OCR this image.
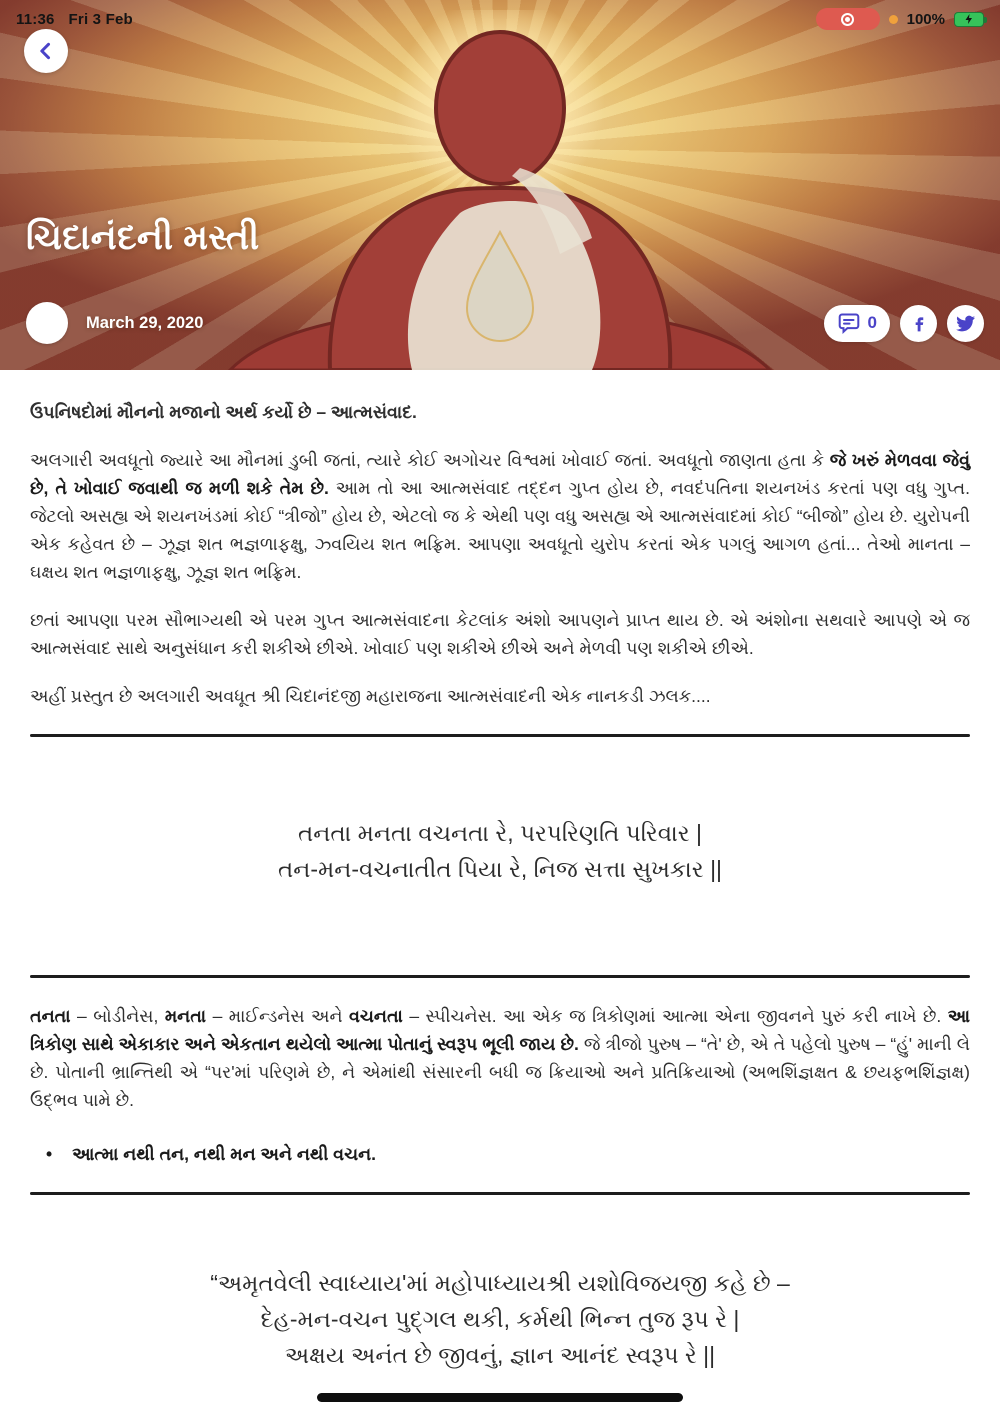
11:36 Fri 3 Feb	100%
ચિદાનંદની મસ્તી
March 29, 2020	0

ઉપનિષદોમાં મૌનનો મજાનો અર્થ કર્યો છે – આત્મસંવાદ.

અલગારી અવધૂતો જ્યારે આ મૌનમાં ડુબી જતાં, ત્યારે કોઈ અગોચર વિશ્વમાં ખોવાઈ જતાં. અવધૂતો જાણતા હતા કે જે ખરું મેળવવા જેવું છે, તે ખોવાઈ જવાથી જ મળી શકે તેમ છે. આમ તો આ આત્મસંવાદ તદ્દન ગુપ્ત હોય છે, નવદંપતિના શયનખંડ કરતાં પણ વધુ ગુપ્ત. જેટલો અસહ્ય એ શયનખંડમાં કોઈ “ત્રીજો” હોય છે, એટલો જ કે એથી પણ વધુ અસહ્ય એ આત્મસંવાદમાં કોઈ “બીજો” હોય છે. યુરોપની એક કહેવત છે – ઝૂજ્ઞ શત ભજ્ઞળાફક્ષુ, ઝ્વયિય શત ભફ્રિમ. આપણા અવધૂતો યુરોપ કરતાં એક પગલું આગળ હતાં... તેઓ માનતા – ઘક્ષય શત ભજ્ઞળાફક્ષુ, ઝૂજ્ઞ શત ભફ્રિમ.

છતાં આપણા પરમ સૌભાગ્યથી એ પરમ ગુપ્ત આત્મસંવાદના કેટલાંક અંશો આપણને પ્રાપ્ત થાય છે. એ અંશોના સથવારે આપણે એ જ આત્મસંવાદ સાથે અનુસંધાન કરી શકીએ છીએ. ખોવાઈ પણ શકીએ છીએ અને મેળવી પણ શકીએ છીએ.

અહીં પ્રસ્તુત છે અલગારી અવધૂત શ્રી ચિદાનંદજી મહારાજના આત્મસંવાદની એક નાનકડી ઝલક....

તનતા મનતા વચનતા રે, પરપરિણતિ પરિવાર |
તન-મન-વચનાતીત પિયા રે, નિજ સત્તા સુખકાર ||

તનતા – બોડીનેસ, મનતા – માઈન્ડનેસ અને વચનતા – સ્પીચનેસ. આ એક જ ત્રિકોણમાં આત્મા એના જીવનને પુરું કરી નાખે છે. આ ત્રિકોણ સાથે એકાકાર અને એકતાન થયેલો આત્મા પોતાનું સ્વરૂપ ભૂલી જાય છે. જે ત્રીજો પુરુષ – “તે' છે, એ તે પહેલો પુરુષ – “હું' માની લે છે. પોતાની ભ્રાન્તિથી એ “પર'માં પરિણમે છે, ને એમાંથી સંસારની બધી જ ક્રિયાઓ અને પ્રતિક્રિયાઓ (અભશિંજ્ઞક્ષત & છયફભશિંજ્ઞક્ષ) ઉદ્ભવ પામે છે.

• આત્મા નથી તન, નથી મન અને નથી વચન.
“અમૃતવેલી સ્વાધ્યાય'માં મહોપાધ્યાયશ્રી યશોવિજયજી કહે છે –
દેહ-મન-વચન પુદ્ગલ થકી, કર્મથી ભિન્ન તુજ રૂપ રે |
અક્ષય અનંત છે જીવનું, જ્ઞાન આનંદ સ્વરૂપ રે ||
